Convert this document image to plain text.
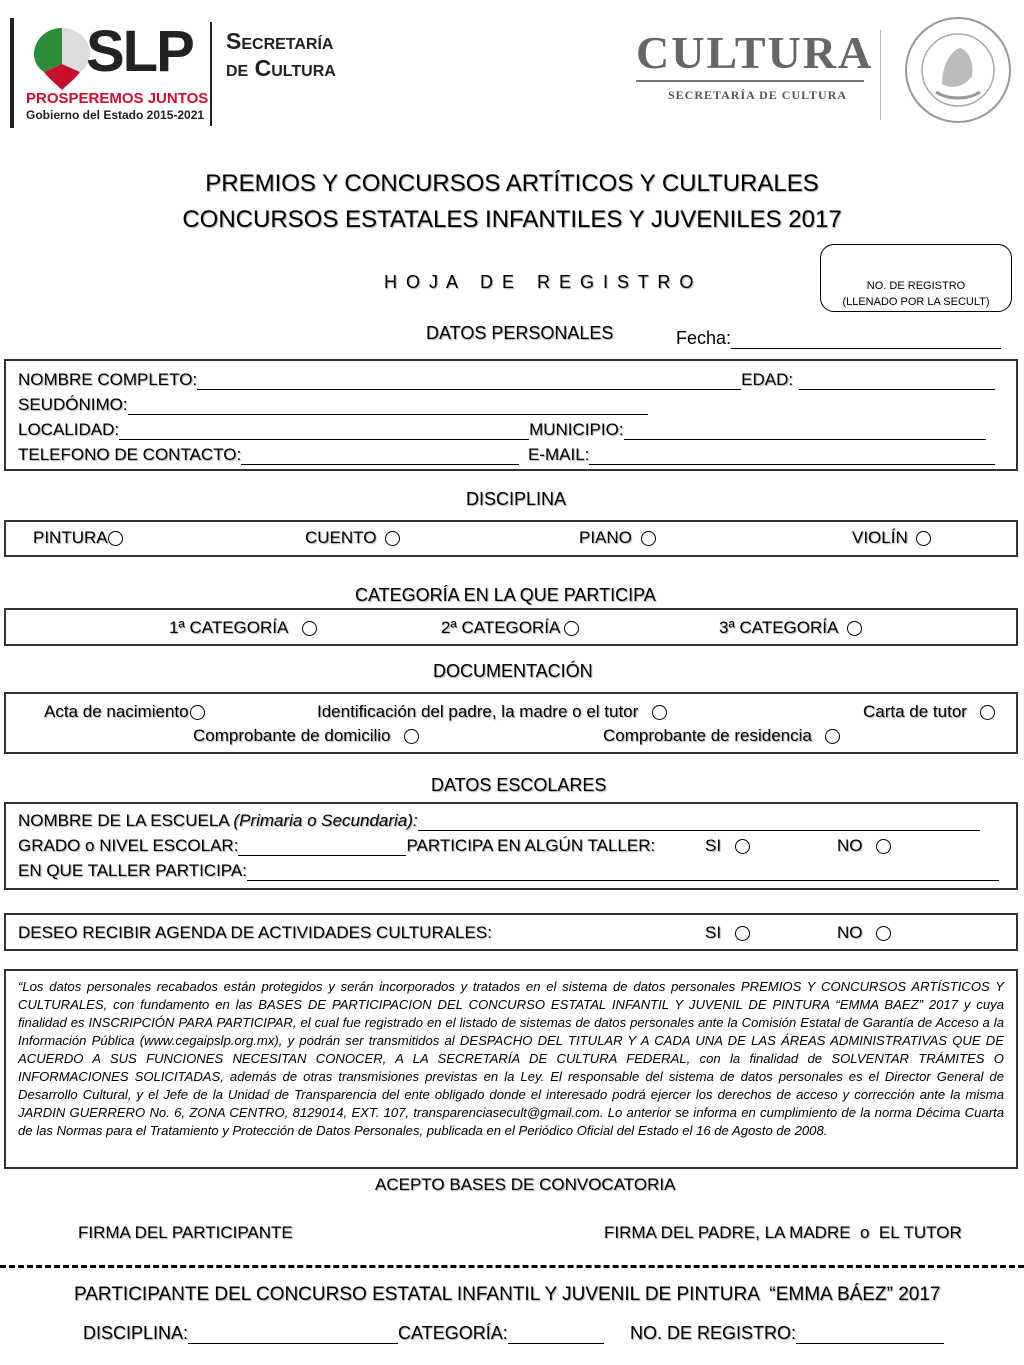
SLP
PROSPEREMOS JUNTOS
Gobierno del Estado 2015-2021
Secretaría
de Cultura	CULTURA
SECRETARÍA DE CULTURA
PREMIOS Y CONCURSOS ARTÍTICOS Y CULTURALES
CONCURSOS ESTATALES INFANTILES Y JUVENILES 2017
H O J A   D E   R E G I S T R O	NO. DE REGISTRO
(LLENADO POR LA SECULT)
DATOS PERSONALES	Fecha:
NOMBRE COMPLETO:	EDAD:
SEUDÓNIMO:
LOCALIDAD:	MUNICIPIO:
TELEFONO DE CONTACTO:	E-MAIL:
DISCIPLINA
PINTURA	CUENTO	PIANO	VIOLÍN
CATEGORÍA EN LA QUE PARTICIPA
1ª CATEGORÍA	2ª CATEGORÍA	3ª CATEGORÍA
DOCUMENTACIÓN
Acta de nacimiento	Identificación del padre, la madre o el tutor	Carta de tutor
Comprobante de domicilio	Comprobante de residencia
DATOS ESCOLARES
NOMBRE DE LA ESCUELA (Primaria o Secundaria):
GRADO o NIVEL ESCOLAR:	PARTICIPA EN ALGÚN TALLER:	SI	NO
EN QUE TALLER PARTICIPA:
DESEO RECIBIR AGENDA DE ACTIVIDADES CULTURALES:	SI	NO
“Los datos personales recabados están protegidos y serán incorporados y tratados en el sistema de datos personales PREMIOS Y CONCURSOS ARTÍSTICOS Y CULTURALES, con fundamento en las BASES DE PARTICIPACION DEL CONCURSO ESTATAL INFANTIL Y JUVENIL DE PINTURA “EMMA BAEZ” 2017 y cuya finalidad es INSCRIPCIÓN PARA PARTICIPAR, el cual fue registrado en el listado de sistemas de datos personales ante la Comisión Estatal de Garantía de Acceso a la Información Pública (www.cegaipslp.org.mx), y podrán ser transmitidos al DESPACHO DEL TITULAR Y A CADA UNA DE LAS ÁREAS ADMINISTRATIVAS QUE DE ACUERDO A SUS FUNCIONES NECESITAN CONOCER, A LA SECRETARÍA DE CULTURA FEDERAL, con la finalidad de SOLVENTAR TRÁMITES O INFORMACIONES SOLICITADAS, además de otras transmisiones previstas en la Ley. El responsable del sistema de datos personales es el Director General de Desarrollo Cultural, y el Jefe de la Unidad de Transparencia del ente obligado donde el interesado podrá ejercer los derechos de acceso y corrección ante la misma JARDIN GUERRERO No. 6, ZONA CENTRO, 8129014, EXT. 107, transparenciasecult@gmail.com. Lo anterior se informa en cumplimiento de la norma Décima Cuarta de las Normas para el Tratamiento y Protección de Datos Personales, publicada en el Periódico Oficial del Estado el 16 de Agosto de 2008.
ACEPTO BASES DE CONVOCATORIA
FIRMA DEL PARTICIPANTE	FIRMA DEL PADRE, LA MADRE  o  EL TUTOR
PARTICIPANTE DEL CONCURSO ESTATAL INFANTIL Y JUVENIL DE PINTURA  “EMMA BÁEZ” 2017
DISCIPLINA:	CATEGORÍA:	NO. DE REGISTRO:
